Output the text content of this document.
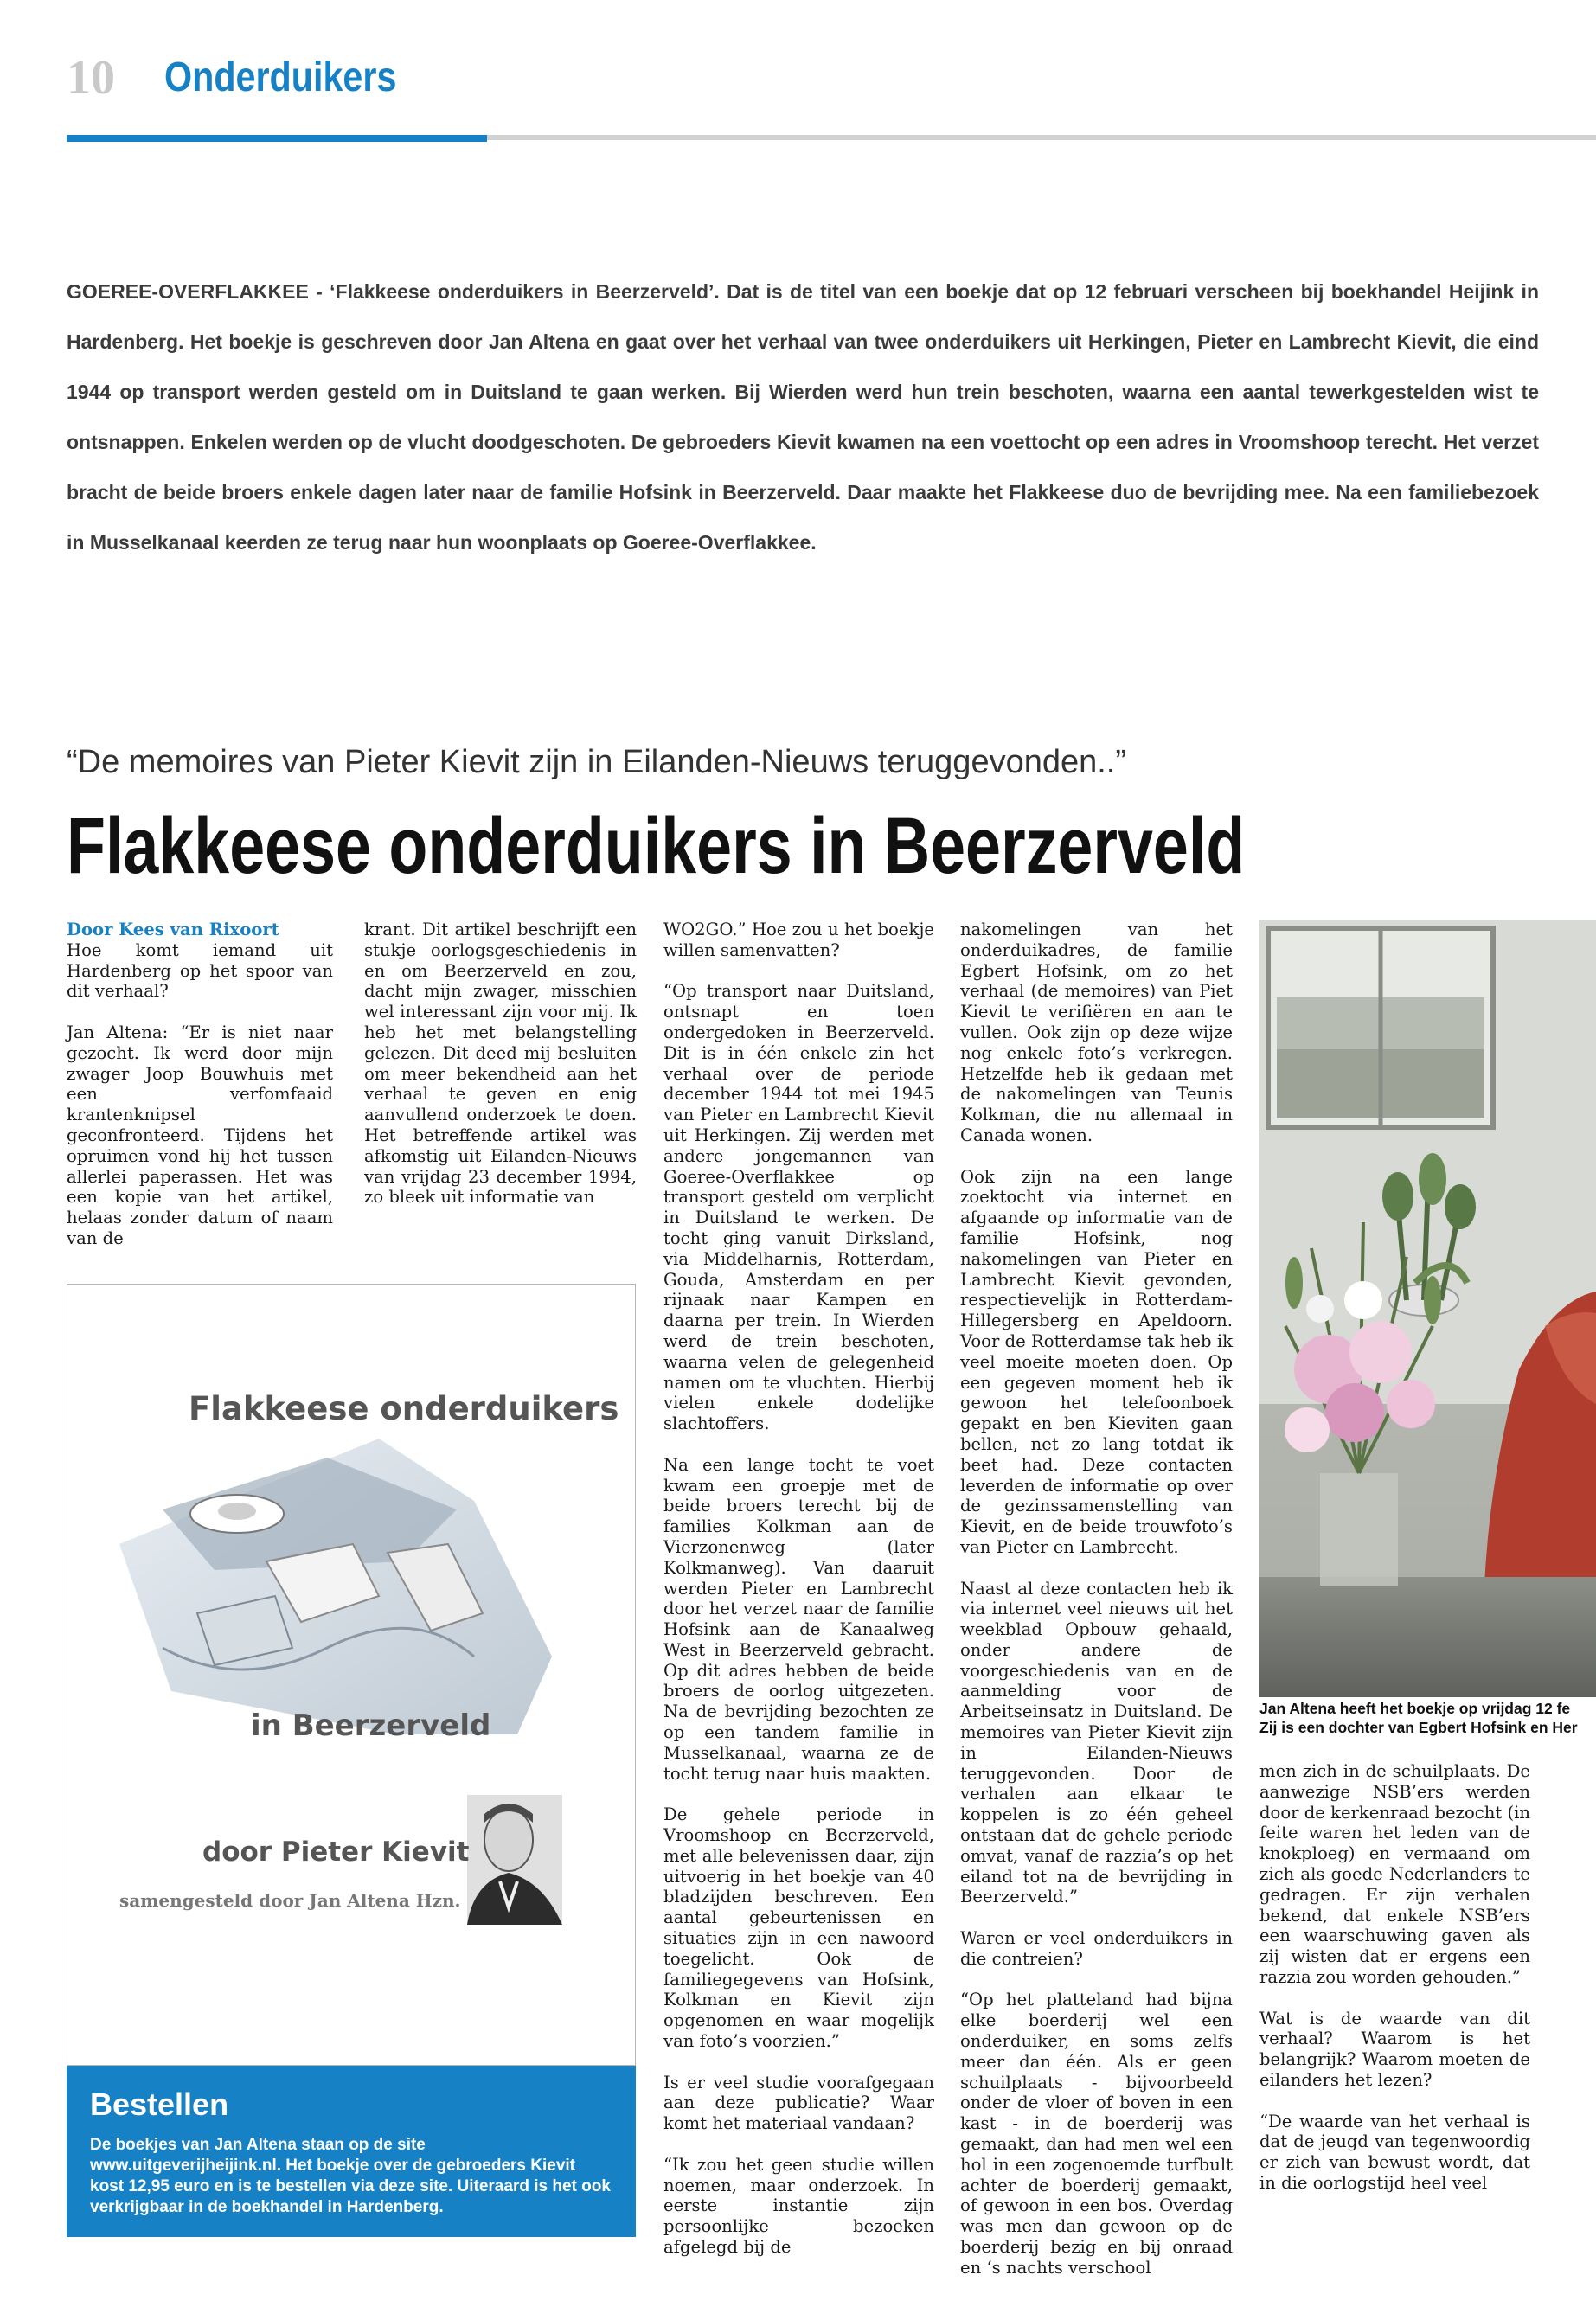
10 Onderduikers
GOEREE-OVERFLAKKEE - ‘Flakkeese onderduikers in Beerzerveld’. Dat is de titel van een boekje dat op 12 februari verscheen bij boekhandel Heijink in Hardenberg. Het boekje is geschreven door Jan Altena en gaat over het verhaal van twee onderduikers uit Herkingen, Pieter en Lambrecht Kievit, die eind 1944 op transport werden gesteld om in Duitsland te gaan werken. Bij Wierden werd hun trein beschoten, waarna een aantal tewerkgestelden wist te ontsnappen. Enkelen werden op de vlucht doodgeschoten. De gebroeders Kievit kwamen na een voettocht op een adres in Vroomshoop terecht. Het verzet bracht de beide broers enkele dagen later naar de familie Hofsink in Beerzerveld. Daar maakte het Flakkeese duo de bevrijding mee. Na een familiebezoek in Musselkanaal keerden ze terug naar hun woonplaats op Goeree-Overflakkee.
“De memoires van Pieter Kievit zijn in Eilanden-Nieuws teruggevonden..”
Flakkeese onderduikers in Beerzerveld
Door Kees van Rixoort

Hoe komt iemand uit Hardenberg op het spoor van dit verhaal?

Jan Altena: “Er is niet naar gezocht. Ik werd door mijn zwager Joop Bouwhuis met een verfomfaaid krantenknipsel geconfronteerd. Tijdens het opruimen vond hij het tussen allerlei paperassen. Het was een kopie van het artikel, helaas zonder datum of naam van de

krant. Dit artikel beschrijft een stukje oorlogsgeschiedenis in en om Beerzerveld en zou, dacht mijn zwager, misschien wel interessant zijn voor mij. Ik heb het met belangstelling gelezen. Dit deed mij besluiten om meer bekendheid aan het verhaal te geven en enig aanvullend onderzoek te doen. Het betreffende artikel was afkomstig uit Eilanden-Nieuws van vrijdag 23 december 1994, zo bleek uit informatie van

Flakkeese onderduikers
in Beerzerveld
door Pieter Kievit
samengesteld door Jan Altena Hzn.
Bestellen

De boekjes van Jan Altena staan op de site www.uitgeverijheijink.nl. Het boekje over de gebroeders Kievit kost 12,95 euro en is te bestellen via deze site. Uiteraard is het ook verkrijgbaar in de boekhandel in Hardenberg.

WO2GO.” Hoe zou u het boekje willen samenvatten?

“Op transport naar Duitsland, ontsnapt en toen ondergedoken in Beerzerveld. Dit is in één enkele zin het verhaal over de periode december 1944 tot mei 1945 van Pieter en Lambrecht Kievit uit Herkingen. Zij werden met andere jongemannen van Goeree-Overflakkee op transport gesteld om verplicht in Duitsland te werken. De tocht ging vanuit Dirksland, via Middelharnis, Rotterdam, Gouda, Amsterdam en per rijnaak naar Kampen en daarna per trein. In Wierden werd de trein beschoten, waarna velen de gelegenheid namen om te vluchten. Hierbij vielen enkele dodelijke slachtoffers.

Na een lange tocht te voet kwam een groepje met de beide broers terecht bij de families Kolkman aan de Vierzonenweg (later Kolkmanweg). Van daaruit werden Pieter en Lambrecht door het verzet naar de familie Hofsink aan de Kanaalweg West in Beerzerveld gebracht. Op dit adres hebben de beide broers de oorlog uitgezeten. Na de bevrijding bezochten ze op een tandem familie in Musselkanaal, waarna ze de tocht terug naar huis maakten.

De gehele periode in Vroomshoop en Beerzerveld, met alle belevenissen daar, zijn uitvoerig in het boekje van 40 bladzijden beschreven. Een aantal gebeurtenissen en situaties zijn in een nawoord toegelicht. Ook de familiegegevens van Hofsink, Kolkman en Kievit zijn opgenomen en waar mogelijk van foto’s voorzien.”

Is er veel studie voorafgegaan aan deze publicatie? Waar komt het materiaal vandaan?

“Ik zou het geen studie willen noemen, maar onderzoek. In eerste instantie zijn persoonlijke bezoeken afgelegd bij de

nakomelingen van het onderduikadres, de familie Egbert Hofsink, om zo het verhaal (de memoires) van Piet Kievit te verifiëren en aan te vullen. Ook zijn op deze wijze nog enkele foto’s verkregen. Hetzelfde heb ik gedaan met de nakomelingen van Teunis Kolkman, die nu allemaal in Canada wonen.

Ook zijn na een lange zoektocht via internet en afgaande op informatie van de familie Hofsink, nog nakomelingen van Pieter en Lambrecht Kievit gevonden, respectievelijk in Rotterdam-Hillegersberg en Apeldoorn. Voor de Rotterdamse tak heb ik veel moeite moeten doen. Op een gegeven moment heb ik gewoon het telefoonboek gepakt en ben Kieviten gaan bellen, net zo lang totdat ik beet had. Deze contacten leverden de informatie op over de gezinssamenstelling van Kievit, en de beide trouwfoto’s van Pieter en Lambrecht.

Naast al deze contacten heb ik via internet veel nieuws uit het weekblad Opbouw gehaald, onder andere de voorgeschiedenis van en de aanmelding voor de Arbeitseinsatz in Duitsland. De memoires van Pieter Kievit zijn in Eilanden-Nieuws teruggevonden. Door de verhalen aan elkaar te koppelen is zo één geheel ontstaan dat de gehele periode omvat, vanaf de razzia’s op het eiland tot na de bevrijding in Beerzerveld.”

Waren er veel onderduikers in die contreien?

“Op het platteland had bijna elke boerderij wel een onderduiker, en soms zelfs meer dan één. Als er geen schuilplaats - bijvoorbeeld onder de vloer of boven in een kast - in de boerderij was gemaakt, dan had men wel een hol in een zogenoemde turfbult achter de boerderij gemaakt, of gewoon in een bos. Overdag was men dan gewoon op de boerderij bezig en bij onraad en ‘s nachts verschool

Jan Altena heeft het boekje op vrijdag 12 fe
Zij is een dochter van Egbert Hofsink en Her

men zich in de schuilplaats. De aanwezige NSB’ers werden door de kerkenraad bezocht (in feite waren het leden van de knokploeg) en vermaand om zich als goede Nederlanders te gedragen. Er zijn verhalen bekend, dat enkele NSB’ers een waarschuwing gaven als zij wisten dat er ergens een razzia zou worden gehouden.”

Wat is de waarde van dit verhaal? Waarom is het belangrijk? Waarom moeten de eilanders het lezen?

“De waarde van het verhaal is dat de jeugd van tegenwoordig er zich van bewust wordt, dat in die oorlogstijd heel veel
